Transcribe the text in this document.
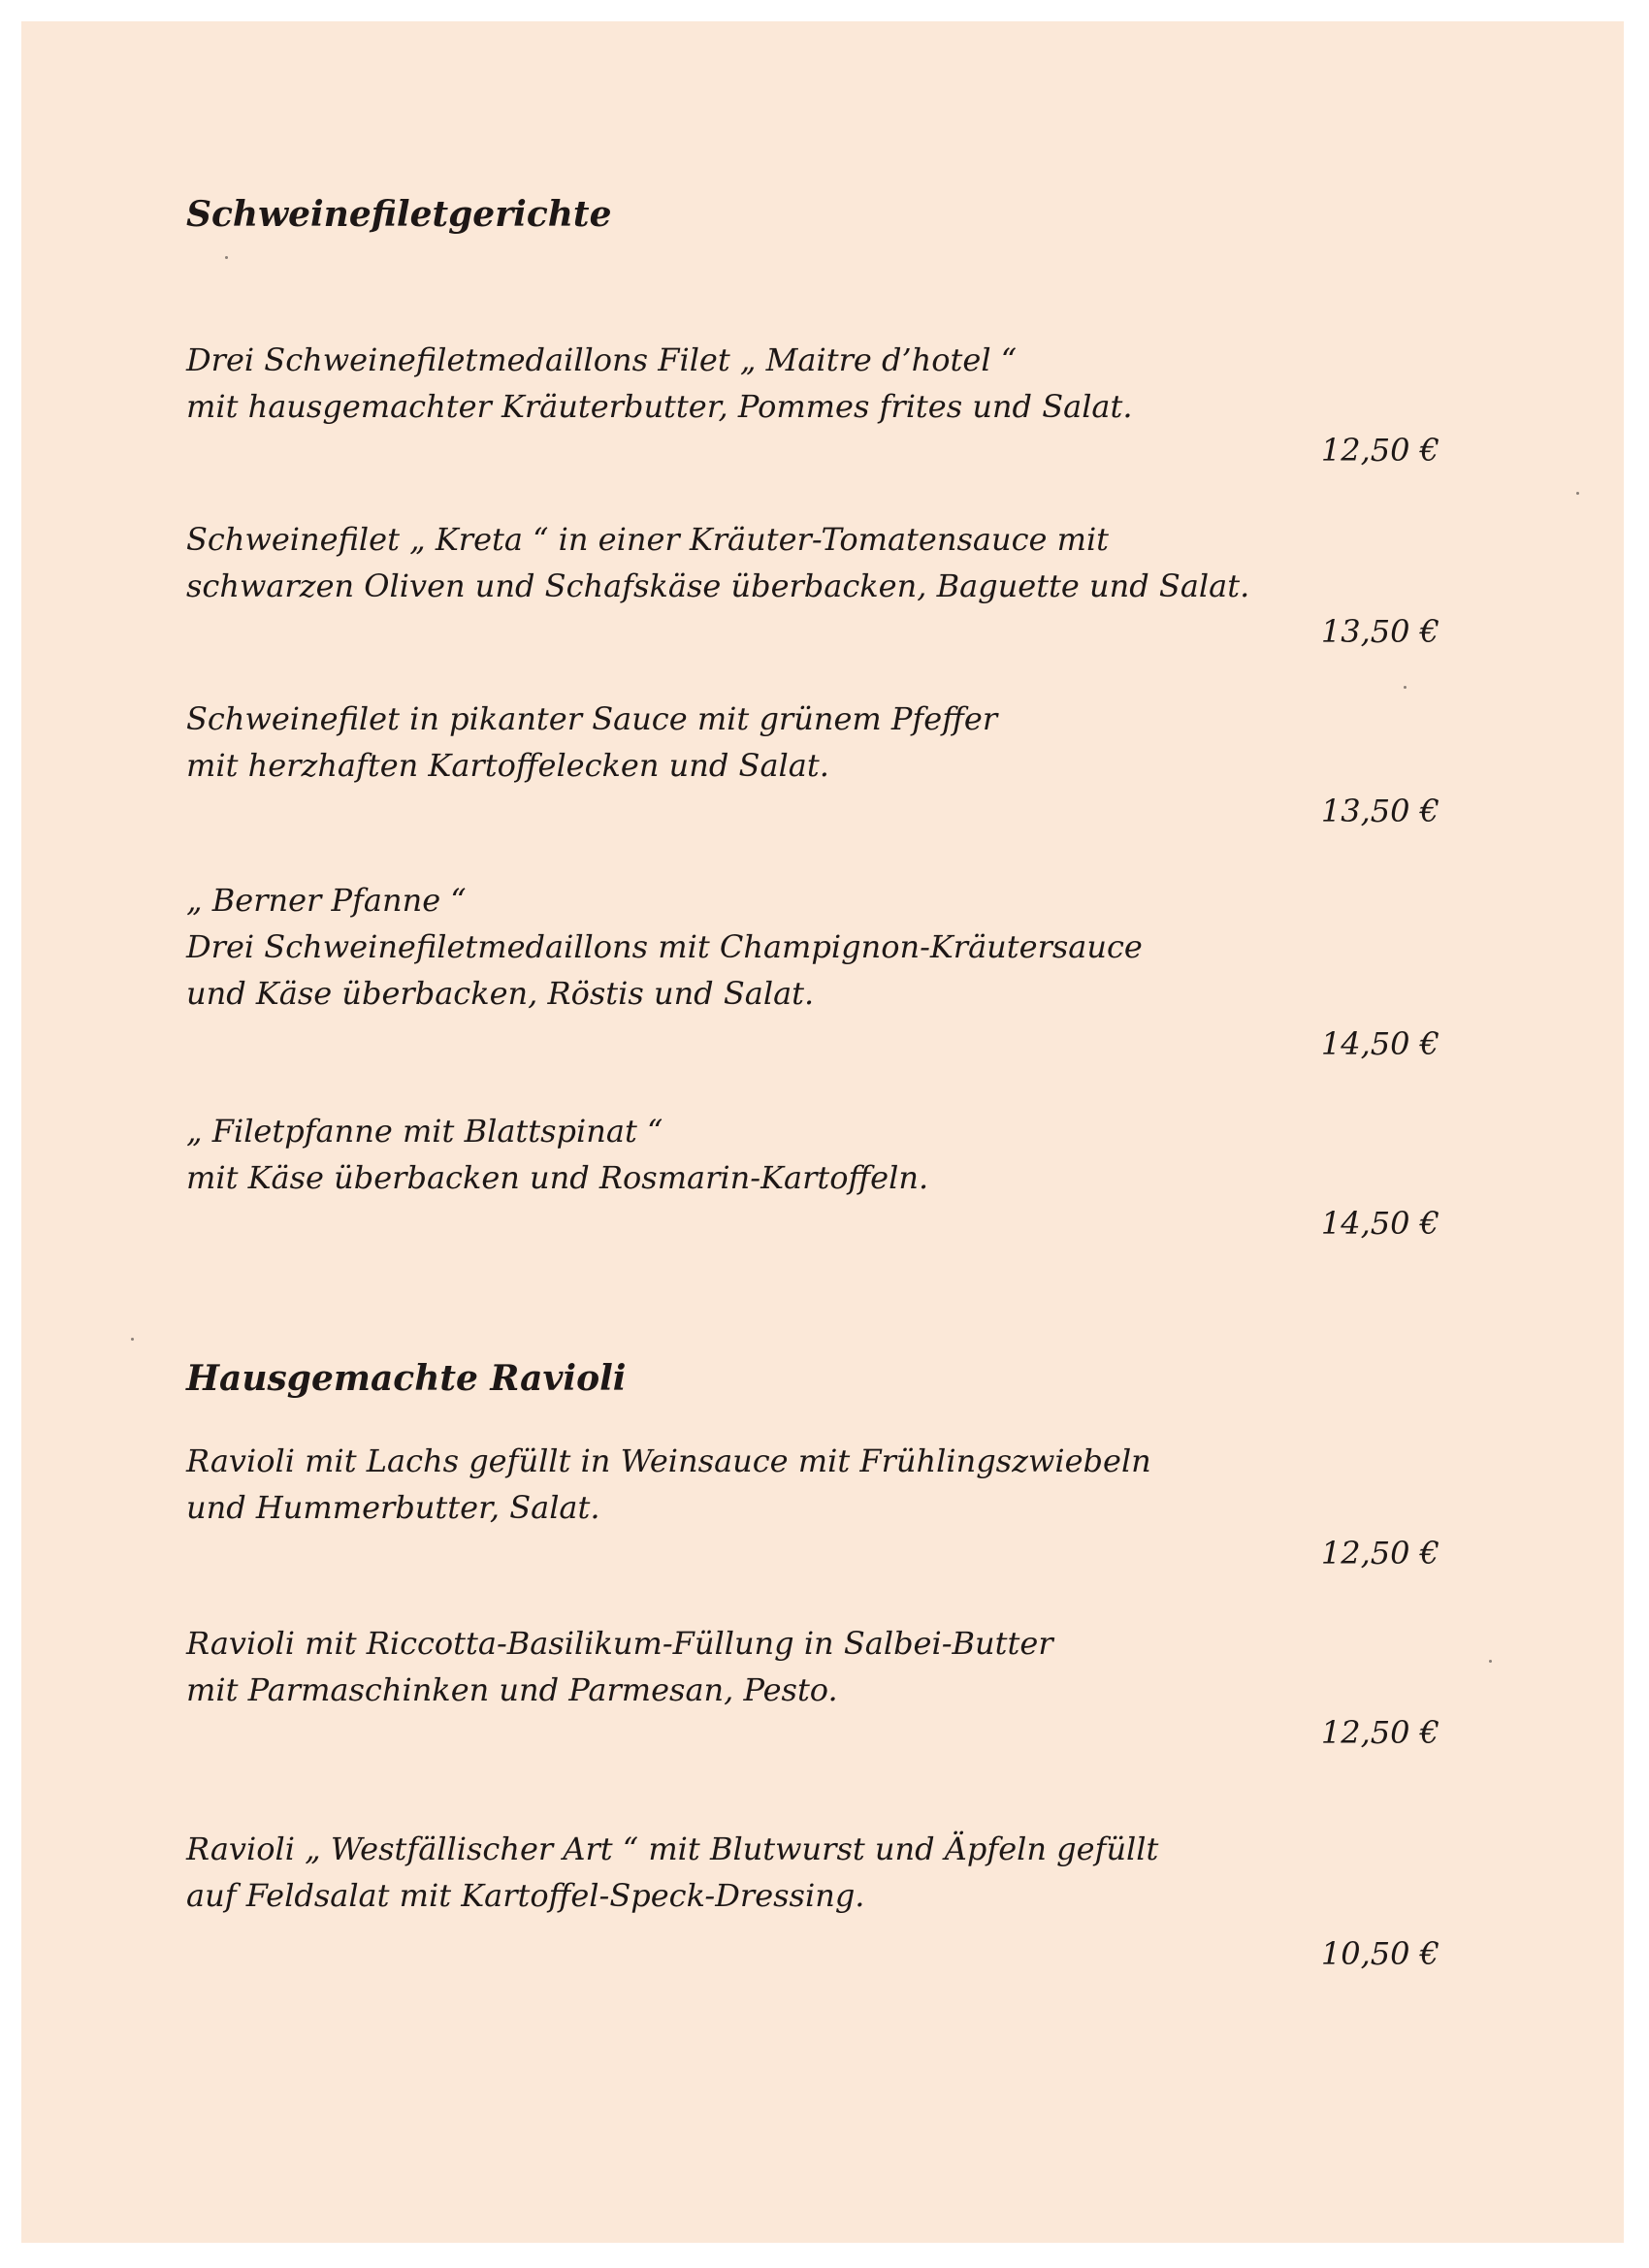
Schweinefiletgerichte

Drei Schweinefiletmedaillons Filet „ Maitre d’hotel “
mit hausgemachter Kräuterbutter, Pommes frites und Salat.

12,50 €

Schweinefilet „ Kreta “ in einer Kräuter-Tomatensauce mit
schwarzen Oliven und Schafskäse überbacken, Baguette und Salat.

13,50 €

Schweinefilet in pikanter Sauce mit grünem Pfeffer
mit herzhaften Kartoffelecken und Salat.

13,50 €

„ Berner Pfanne “
Drei Schweinefiletmedaillons mit Champignon-Kräutersauce
und Käse überbacken, Röstis und Salat.

14,50 €

„ Filetpfanne mit Blattspinat “
mit Käse überbacken und Rosmarin-Kartoffeln.

14,50 €
Hausgemachte Ravioli

Ravioli mit Lachs gefüllt in Weinsauce mit Frühlingszwiebeln
und Hummerbutter, Salat.

12,50 €

Ravioli mit Riccotta-Basilikum-Füllung in Salbei-Butter
mit Parmaschinken und Parmesan, Pesto.

12,50 €

Ravioli „ Westfällischer Art “ mit Blutwurst und Äpfeln gefüllt
auf Feldsalat mit Kartoffel-Speck-Dressing.

10,50 €
